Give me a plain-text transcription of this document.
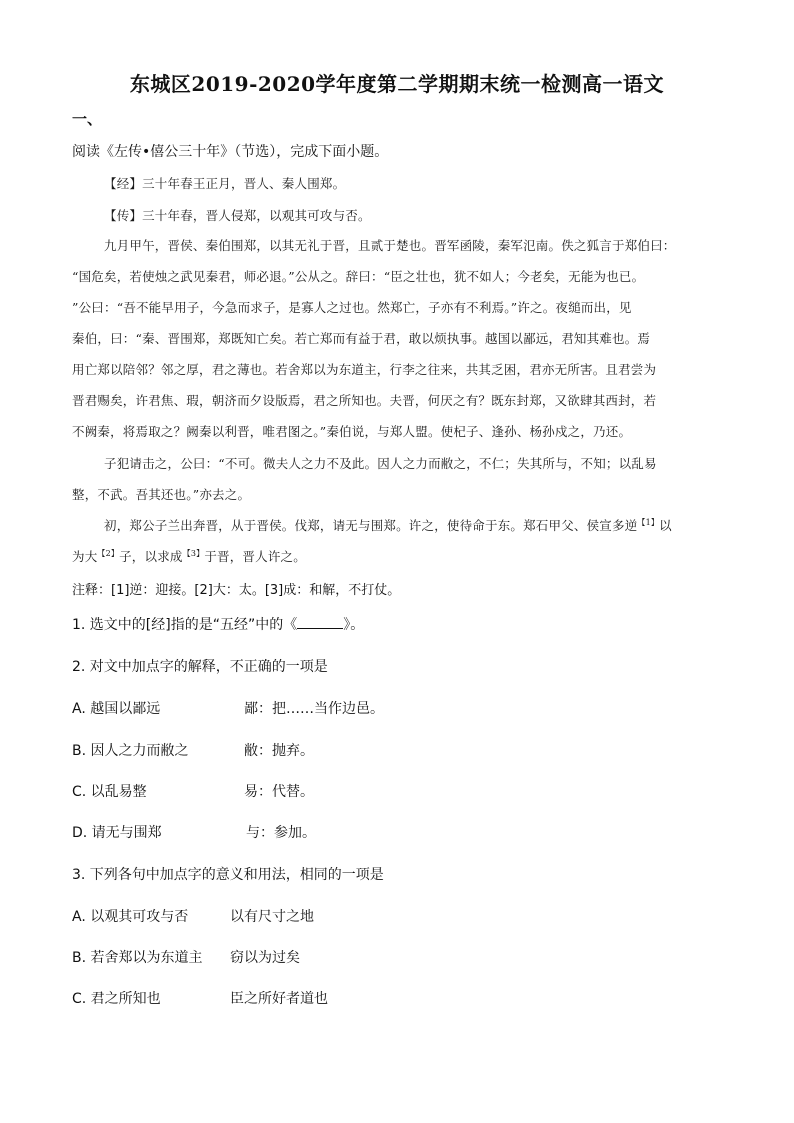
东城区2019-2020学年度第二学期期末统一检测高一语文
一、
阅读《左传•僖公三十年》（节选），完成下面小题。
【经】三十年春王正月，晋人、秦人围郑。
【传】三十年春，晋人侵郑，以观其可攻与否。
九月甲午，晋侯、秦伯围郑，以其无礼于晋，且贰于楚也。晋军函陵，秦军氾南。佚之狐言于郑伯曰：
“国危矣，若使烛之武见秦君，师必退。”公从之。辞曰：“臣之壮也，犹不如人；今老矣，无能为也已。
”公曰：“吾不能早用子，今急而求子，是寡人之过也。然郑亡，子亦有不利焉。”许之。夜缒而出，见
秦伯，曰：“秦、晋围郑，郑既知亡矣。若亡郑而有益于君，敢以烦执事。越国以鄙远，君知其难也。焉
用亡郑以陪邻？邻之厚，君之薄也。若舍郑以为东道主，行李之往来，共其乏困，君亦无所害。且君尝为
晋君赐矣，许君焦、瑕，朝济而夕设版焉，君之所知也。夫晋，何厌之有？既东封郑，又欲肆其西封，若
不阙秦，将焉取之？阙秦以利晋，唯君图之。”秦伯说，与郑人盟。使杞子、逢孙、杨孙戍之，乃还。
子犯请击之，公曰：“不可。微夫人之力不及此。因人之力而敝之，不仁；失其所与，不知；以乱易
整，不武。吾其还也。”亦去之。
初，郑公子兰出奔晋，从于晋侯。伐郑，请无与围郑。许之，使待命于东。郑石甲父、侯宣多逆$^{【1】}$以
为大$^{【2】}$子，以求成$^{【3】}$于晋，晋人许之。
注释：[1]逆：迎接。[2]大：太。[3]成：和解，不打仗。
1. 选文中的[经]指的是“五经”中的《	》。
2. 对文中加点字的解释，不正确的一项是
A. 越国以鄙远	鄙：把……当作边邑。
B. 因人之力而敝之	敝：抛弃。
C. 以乱易整	易：代替。
D. 请无与围郑	与：参加。
3. 下列各句中加点字的意义和用法，相同的一项是
A. 以观其可攻与否	以有尺寸之地
B. 若舍郑以为东道主 窃以为过矣
C. 君之所知也	臣之所好者道也
